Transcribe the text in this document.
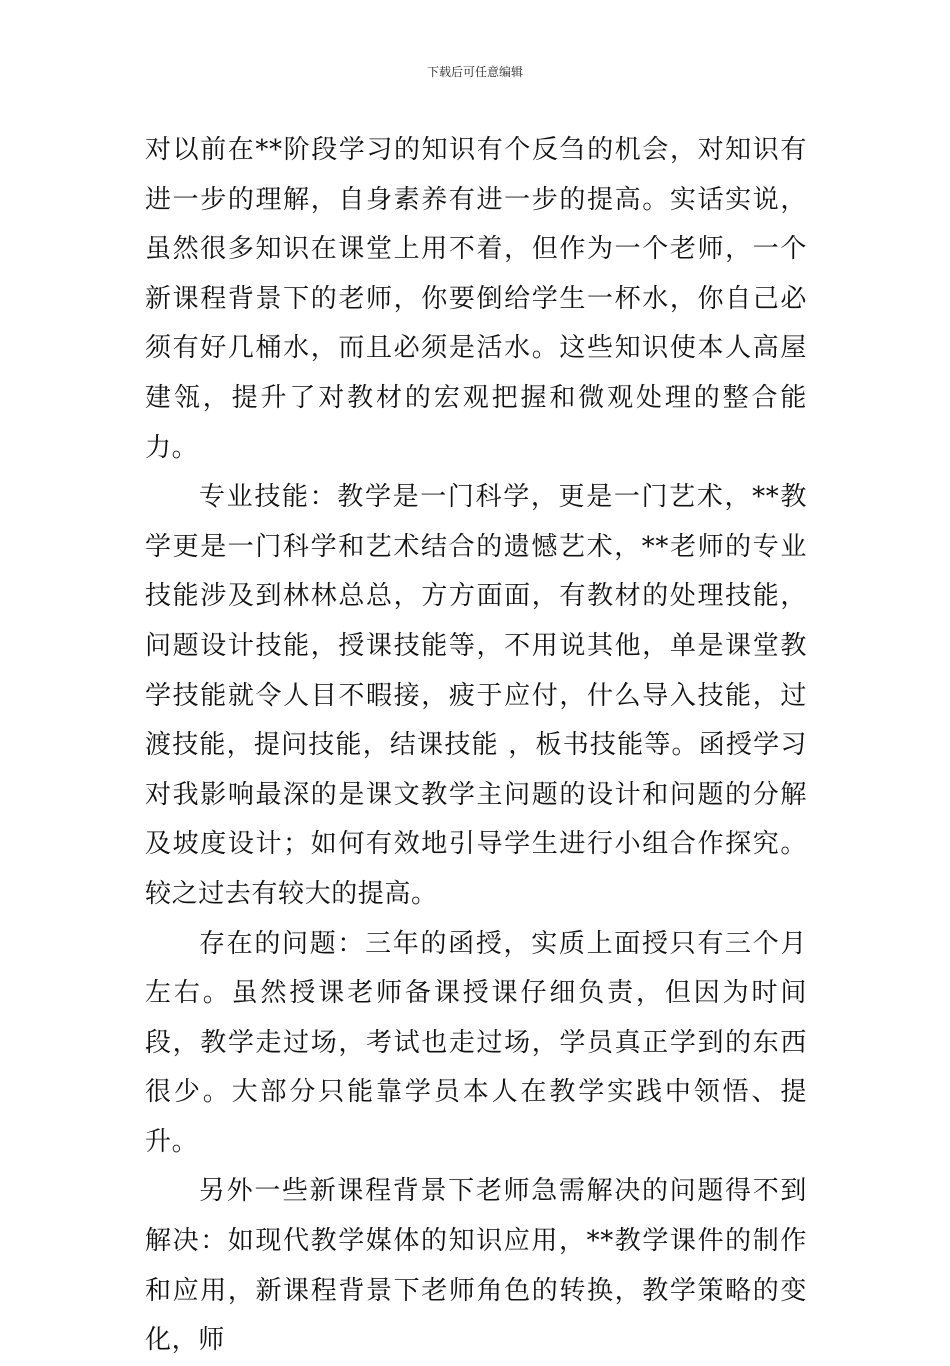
下载后可任意编辑

对以前在**阶段学习的知识有个反刍的机会，对知识有进一步的理解，自身素养有进一步的提高。实话实说，虽然很多知识在课堂上用不着，但作为一个老师，一个新课程背景下的老师，你要倒给学生一杯水，你自己必须有好几桶水，而且必须是活水。这些知识使本人高屋建瓴，提升了对教材的宏观把握和微观处理的整合能力。

专业技能：教学是一门科学，更是一门艺术，**教学更是一门科学和艺术结合的遗憾艺术，**老师的专业技能涉及到林林总总，方方面面，有教材的处理技能，问题设计技能，授课技能等，不用说其他，单是课堂教学技能就令人目不暇接，疲于应付，什么导入技能，过渡技能，提问技能，结课技能 ，板书技能等。函授学习对我影响最深的是课文教学主问题的设计和问题的分解及坡度设计；如何有效地引导学生进行小组合作探究。较之过去有较大的提高。

存在的问题：三年的函授，实质上面授只有三个月左右。虽然授课老师备课授课仔细负责，但因为时间段，教学走过场，考试也走过场，学员真正学到的东西很少。大部分只能靠学员本人在教学实践中领悟、提升。

另外一些新课程背景下老师急需解决的问题得不到解决：如现代教学媒体的知识应用，**教学课件的制作和应用，新课程背景下老师角色的转换，教学策略的变化，师
